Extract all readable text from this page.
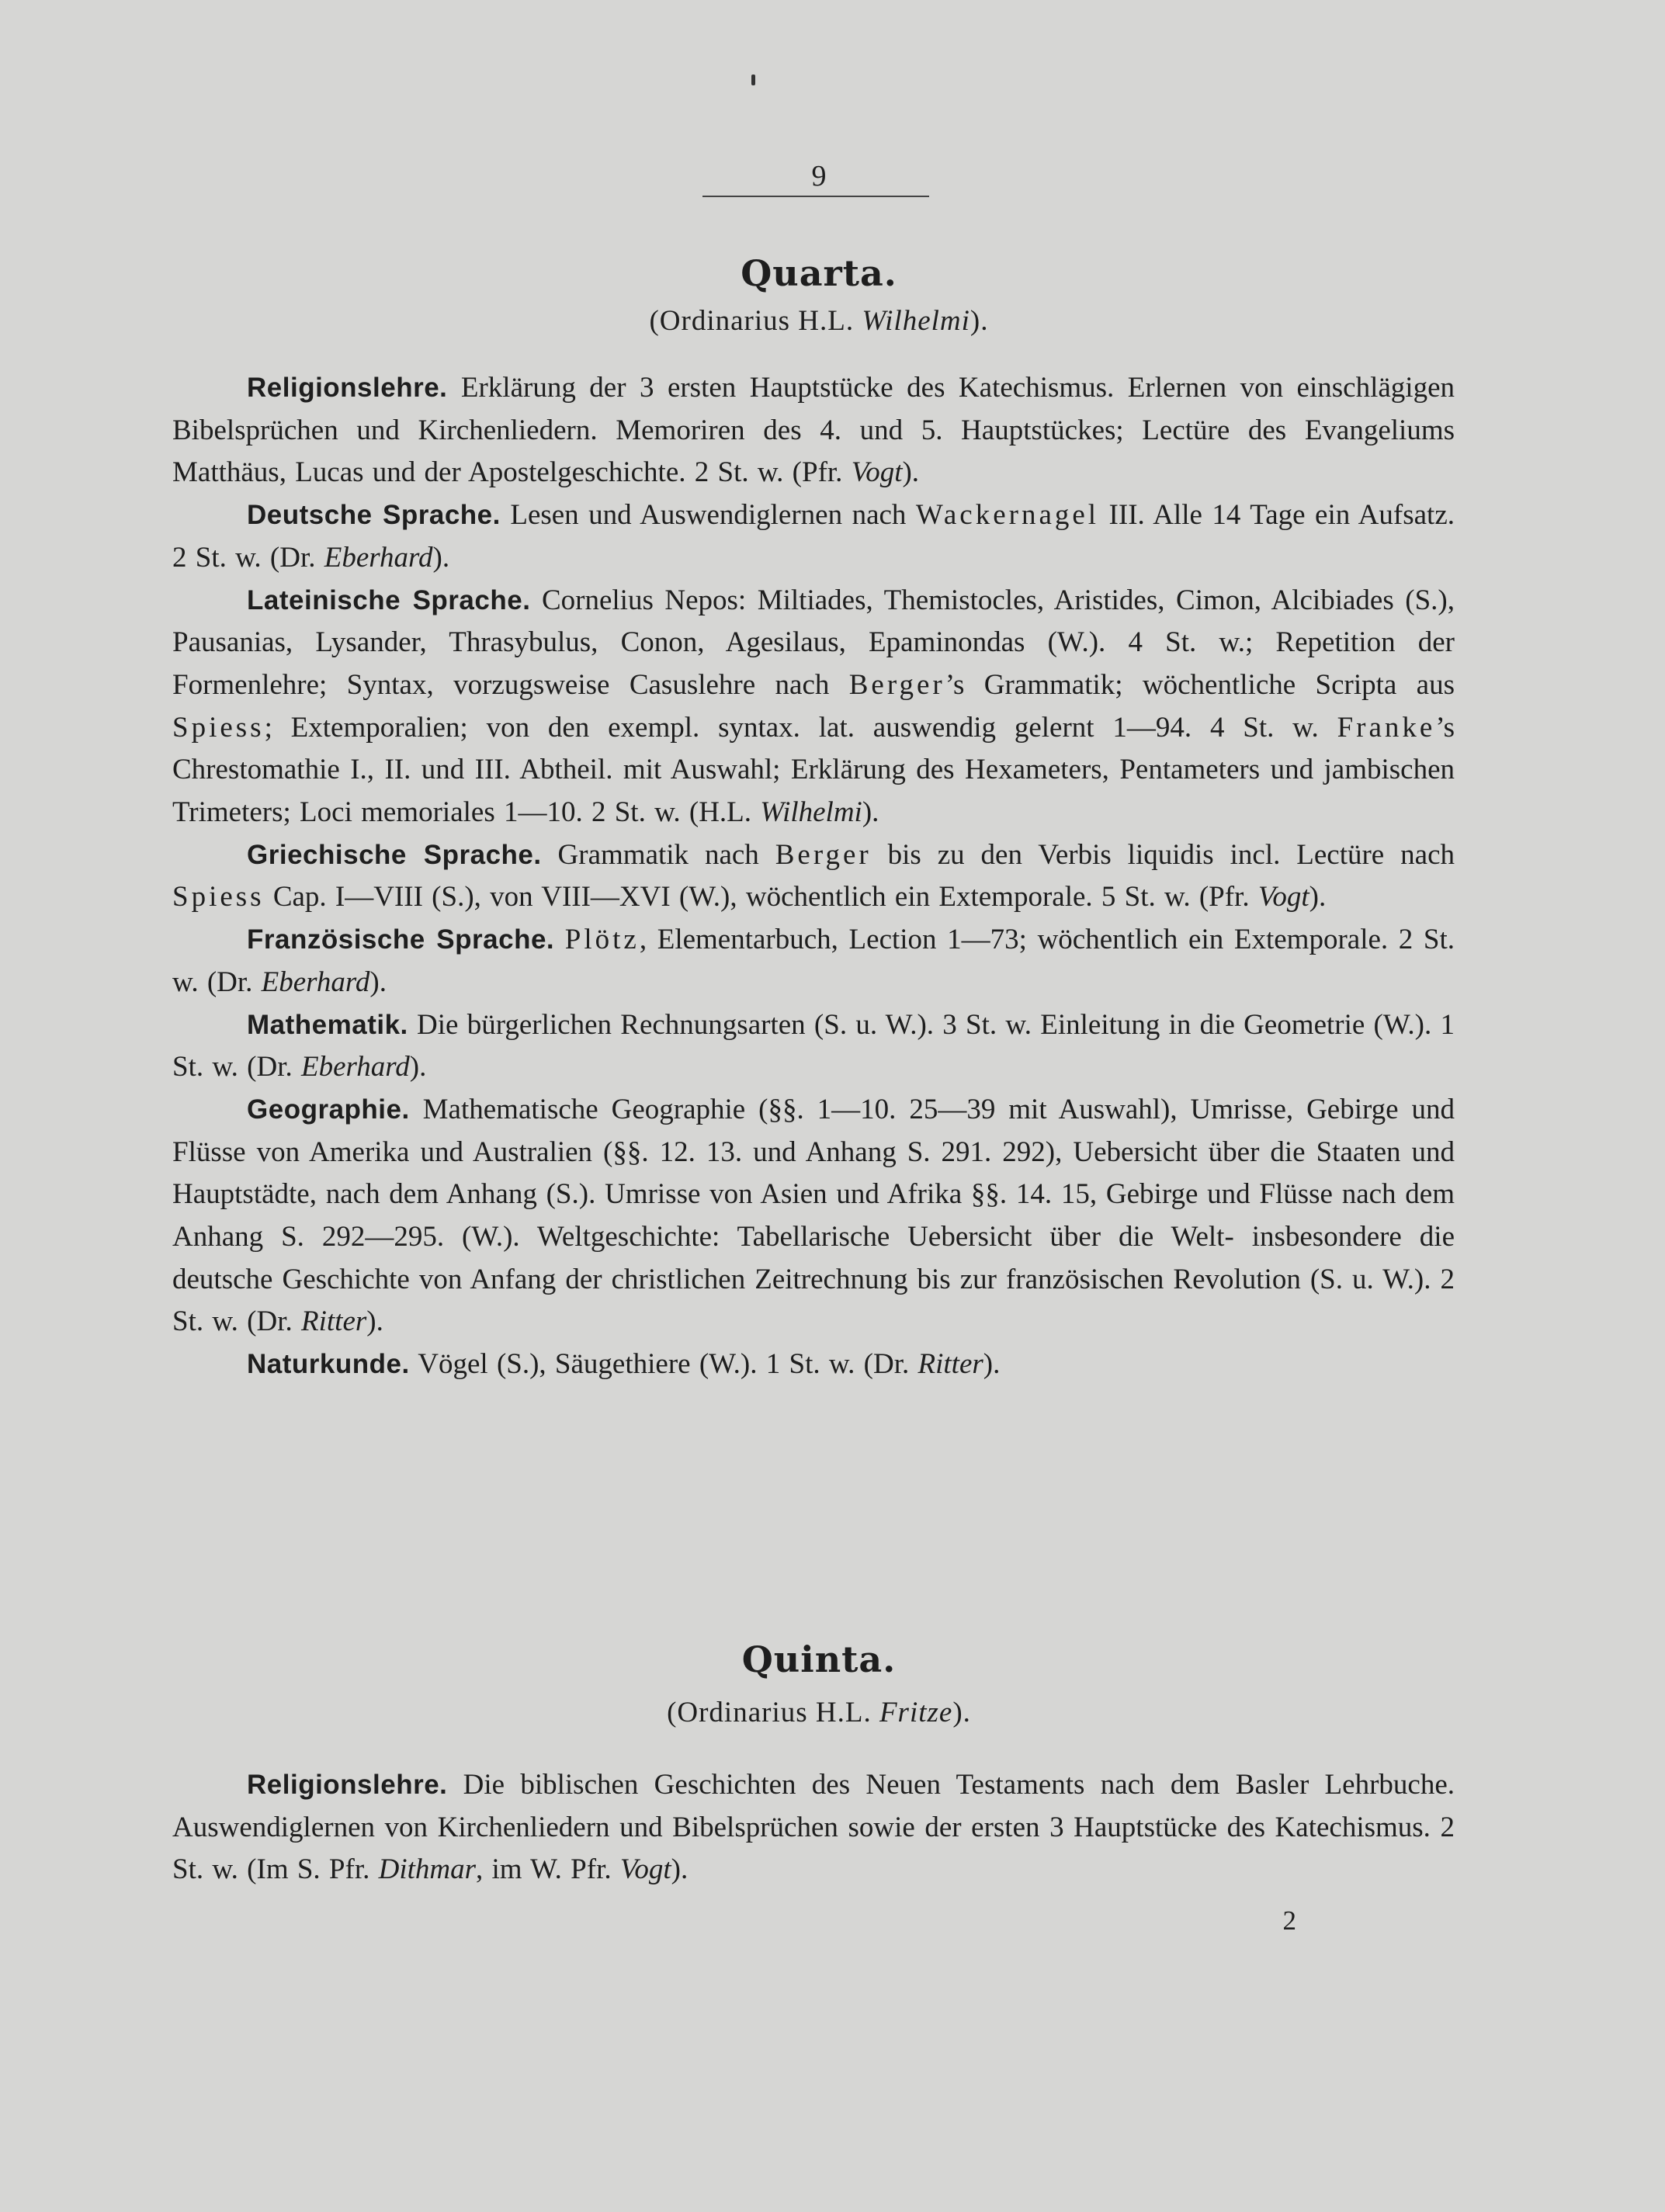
9
Quarta.
(Ordinarius H.L. Wilhelmi).
Religionslehre. Erklärung der 3 ersten Hauptstücke des Katechismus. Erlernen von einschlägigen Bibelsprüchen und Kirchenliedern. Memoriren des 4. und 5. Hauptstückes; Lectüre des Evangeliums Matthäus, Lucas und der Apostelgeschichte. 2 St. w. (Pfr. Vogt).
Deutsche Sprache. Lesen und Auswendiglernen nach Wackernagel III. Alle 14 Tage ein Aufsatz. 2 St. w. (Dr. Eberhard).
Lateinische Sprache. Cornelius Nepos: Miltiades, Themistocles, Aristides, Cimon, Alcibiades (S.), Pausanias, Lysander, Thrasybulus, Conon, Agesilaus, Epaminondas (W.). 4 St. w.; Repetition der Formenlehre; Syntax, vorzugsweise Casuslehre nach Berger’s Grammatik; wöchentliche Scripta aus Spiess; Extemporalien; von den exempl. syntax. lat. auswendig gelernt 1—94. 4 St. w. Franke’s Chrestomathie I., II. und III. Abtheil. mit Auswahl; Erklärung des Hexameters, Pentameters und jambischen Trimeters; Loci memoriales 1—10. 2 St. w. (H.L. Wilhelmi).
Griechische Sprache. Grammatik nach Berger bis zu den Verbis liquidis incl. Lectüre nach Spiess Cap. I—VIII (S.), von VIII—XVI (W.), wöchentlich ein Extemporale. 5 St. w. (Pfr. Vogt).
Französische Sprache. Plötz, Elementarbuch, Lection 1—73; wöchentlich ein Extemporale. 2 St. w. (Dr. Eberhard).
Mathematik. Die bürgerlichen Rechnungsarten (S. u. W.). 3 St. w. Einleitung in die Geometrie (W.). 1 St. w. (Dr. Eberhard).
Geographie. Mathematische Geographie (§§. 1—10. 25—39 mit Auswahl), Umrisse, Gebirge und Flüsse von Amerika und Australien (§§. 12. 13. und Anhang S. 291. 292), Uebersicht über die Staaten und Hauptstädte, nach dem Anhang (S.). Umrisse von Asien und Afrika §§. 14. 15, Gebirge und Flüsse nach dem Anhang S. 292—295. (W.). Weltgeschichte: Tabellarische Uebersicht über die Welt- insbesondere die deutsche Geschichte von Anfang der christlichen Zeitrechnung bis zur französischen Revolution (S. u. W.). 2 St. w. (Dr. Ritter).
Naturkunde. Vögel (S.), Säugethiere (W.). 1 St. w. (Dr. Ritter).
Quinta.
(Ordinarius H.L. Fritze).
Religionslehre. Die biblischen Geschichten des Neuen Testaments nach dem Basler Lehrbuche. Auswendiglernen von Kirchenliedern und Bibelsprüchen sowie der ersten 3 Hauptstücke des Katechismus. 2 St. w. (Im S. Pfr. Dithmar, im W. Pfr. Vogt).
2
